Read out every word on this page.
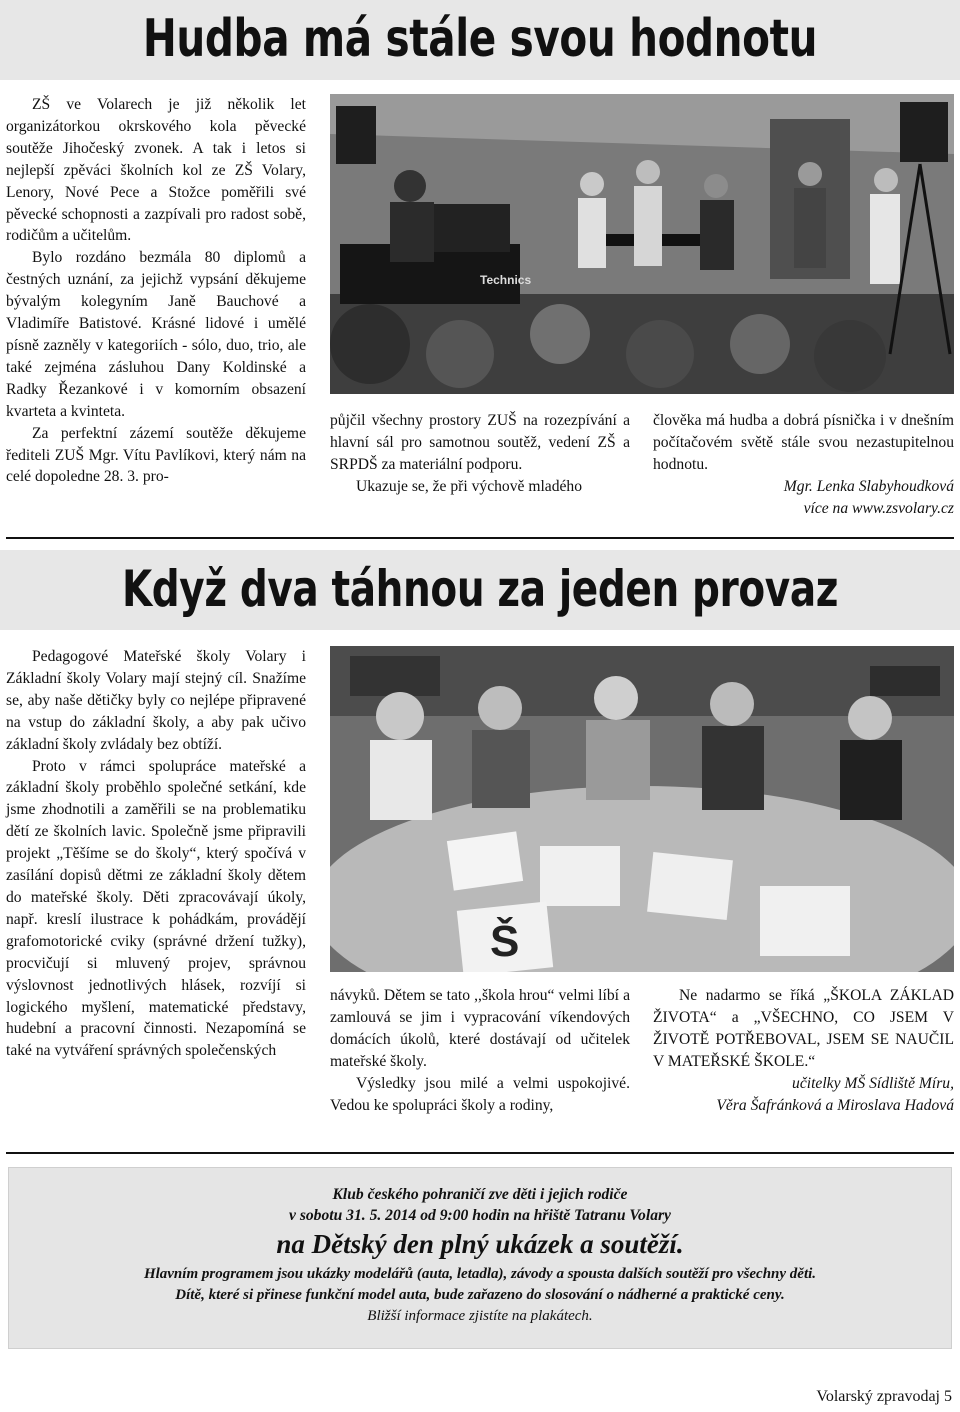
Hudba má stále svou hodnotu

ZŠ ve Volarech je již několik let organizátorkou okrskového kola pěvecké soutěže Jihočeský zvonek. A tak i letos si nejlepší zpěváci školních kol ze ZŠ Volary, Lenory, Nové Pece a Stožce poměřili své pěvecké schopnosti a zazpívali pro radost sobě, rodičům a učitelům.

Bylo rozdáno bezmála 80 diplomů a čestných uznání, za jejichž vypsání děkujeme bývalým kolegyním Janě Bauchové a Vladimíře Batistové. Krásné lidové i umělé písně zazněly v kategoriích - sólo, duo, trio, ale také zejména zásluhou Dany Koldinské a Radky Řezankové i v komorním obsazení kvarteta a kvinteta.

Za perfektní zázemí soutěže děkujeme řediteli ZUŠ Mgr. Vítu Pavlíkovi, který nám na celé dopoledne 28. 3. pro-

Technics

půjčil všechny prostory ZUŠ na rozezpívání a hlavní sál pro samotnou soutěž, vedení ZŠ a SRPDŠ za materiální podporu.

Ukazuje se, že při výchově mladého

člověka má hudba a dobrá písnička i v dnešním počítačovém světě stále svou nezastupitelnou hodnotu.

Mgr. Lenka Slabyhoudková

více na www.zsvolary.cz

Když dva táhnou za jeden provaz

Pedagogové Mateřské školy Volary i Základní školy Volary mají stejný cíl. Snažíme se, aby naše dětičky byly co nejlépe připravené na vstup do základní školy, a aby pak učivo základní školy zvládaly bez obtíží.

Proto v rámci spolupráce mateřské a základní školy proběhlo společné setkání, kde jsme zhodnotili a zaměřili se na problematiku dětí ze školních lavic. Společně jsme připravili projekt „Těšíme se do školy“, který spočívá v zasílání dopisů dětmi ze základní školy dětem do mateřské školy. Děti zpracovávají úkoly, např. kreslí ilustrace k pohádkám, provádějí grafomotorické cviky (správné držení tužky), procvičují si mluvený projev, správnou výslovnost jednotlivých hlásek, rozvíjí si logického myšlení, matematické představy, hudební a pracovní činnosti. Nezapomíná se také na vytváření správných společenských

Š

návyků. Dětem se tato ,,škola hrou“ velmi líbí a zamlouvá se jim i vypracování víkendových domácích úkolů, které dostávají od učitelek mateřské školy.

Výsledky jsou milé a velmi uspokojivé. Vedou ke spolupráci školy a rodiny,

Ne nadarmo se říká „ŠKOLA ZÁKLAD ŽIVOTA“ a „VŠECHNO, CO JSEM V ŽIVOTĚ POTŘEBOVAL, JSEM SE NAUČIL V MATEŘSKÉ ŠKOLE.“

učitelky MŠ Sídliště Míru,

Věra Šafránková a Miroslava Hadová

Klub českého pohraničí zve děti i jejich rodiče

v sobotu 31. 5. 2014 od 9:00 hodin na hřiště Tatranu Volary

na Dětský den plný ukázek a soutěží.

Hlavním programem jsou ukázky modelářů (auta, letadla), závody a spousta dalších soutěží pro všechny děti.

Dítě, které si přinese funkční model auta, bude zařazeno do slosování o nádherné a praktické ceny.

Bližší informace zjistíte na plakátech.

Volarský zpravodaj 5
